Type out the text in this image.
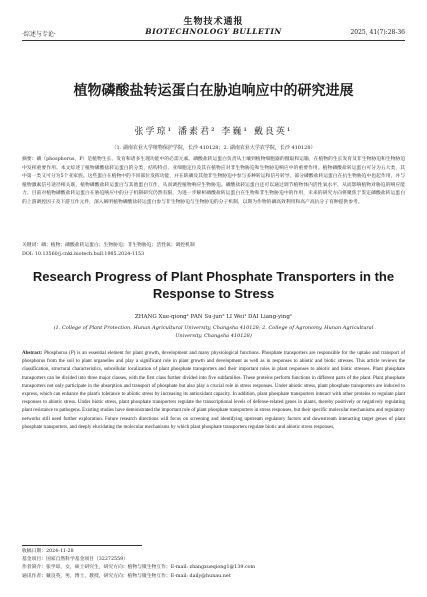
生物技术通报
·综述与专论·	BIOTECHNOLOGY BULLETIN	2025, 41(7):28-36
植物磷酸盐转运蛋白在胁迫响应中的研究进展
张学琼¹ 潘素君² 李巍¹ 戴良英¹
（1. 湖南农业大学植物保护学院，长沙 410128；2. 湖南农业大学农学院，长沙 410128）
摘要：磷（phosphorus，P）是植物生长、发育和诸多生理功能中的必需元素。磷酸盐转运蛋白负责从土壤到植物细胞器的摄取和运输，在植物的生长发育及非生物胁迫和生物胁迫中发挥重要作用。本文综述了植物磷酸盐转运蛋白的分类、结构特点、亚细胞定位及其在植物应对非生物胁迫和生物胁迫响应中的重要作用。植物磷酸盐转运蛋白可分为五大类，其中第一类又可分为5个亚家族。这些蛋白在植物中的不同部位发挥功能，并在缺磷及其他非生物胁迫中参与多种转运和信号转导。部分磷酸盐转运蛋白在抗生物胁迫中也起作用，并与植物激素信号途径相关联，植物磷酸盐转运蛋白与其他蛋白互作，从而调控植物响应生物胁迫。磷酸盐转运蛋白还可以通过调节植物体内活性氧水平，从而影响植物对胁迫的响应能力。目前对植物磷酸盐转运蛋白在胁迫响应中的分子机制研究仍然有限，为进一步解析磷酸盐转运蛋白在生物和非生物胁迫中的作用，未来的研究方向将聚焦于鉴定磷酸盐转运蛋白的上游调控因子及下游互作元件，深入阐明植物磷酸盐转运蛋白参与非生物胁迫与生物胁迫的分子机制，以期为作物的磷高效利用和高产高抗分子育种提供参考。
关键词：磷；植物；磷酸盐转运蛋白；生物胁迫；非生物胁迫；活性氧；调控机制
DOI: 10.13560/j.cnki.biotech.bull.1985.2024-1153
Research Progress of Plant Phosphate Transporters in the Response to Stress
ZHANG Xue-qiong¹ PAN Su-jun² LI Wei¹ DAI Liang-ying¹
(1. College of Plant Protection, Hunan Agricultural University, Changsha 410128; 2. College of Agronomy, Hunan Agricultural University, Changsha 410128)
Abstract: Phosphorus (P) is an essential element for plant growth, development and many physiological functions. Phosphate transporters are responsible for the uptake and transport of phosphorus from the soil to plant organelles and play a significant role in plant growth and development as well as in responses to abiotic and biotic stresses. This article reviews the classification, structural characteristics, subcellular localization of plant phosphate transporters and their important roles in plant responses to abiotic and biotic stresses. Plant phosphate transporters can be divided into three major classes, with the first class further divided into five subfamilies. These proteins perform functions in different parts of the plant. Plant phosphate transporters not only participate in the absorption and transport of phosphate but also play a crucial role in stress responses. Under abiotic stress, plant phosphate transporters are induced to express, which can enhance the plant's tolerance to abiotic stress by increasing its antioxidant capacity. In addition, plant phosphate transporters interact with other proteins to regulate plant responses to abiotic stress. Under biotic stress, plant phosphate transporters regulate the transcriptional levels of defense-related genes in plants, thereby positively or negatively regulating plant resistance to pathogens. Existing studies have demonstrated the important role of plant phosphate transporters in stress responses, but their specific molecular mechanisms and regulatory networks still need further exploration. Future research directions will focus on screening and identifying upstream regulatory factors and downstream interacting target genes of plant phosphate transporters, and deeply elucidating the molecular mechanisms by which plant phosphate transporters regulate biotic and abiotic stress responses,
收稿日期：2024-11-28
基金项目：国家自然科学基金项目（32272559）
作者简介：张学琼，女，硕士研究生，研究方向：植物与微生物互作；E-mail: zhangxueqiong1@139.com
通讯作者：戴良英，男，博士，教授，研究方向：植物与微生物互作；E-mail: daily@hunau.net
